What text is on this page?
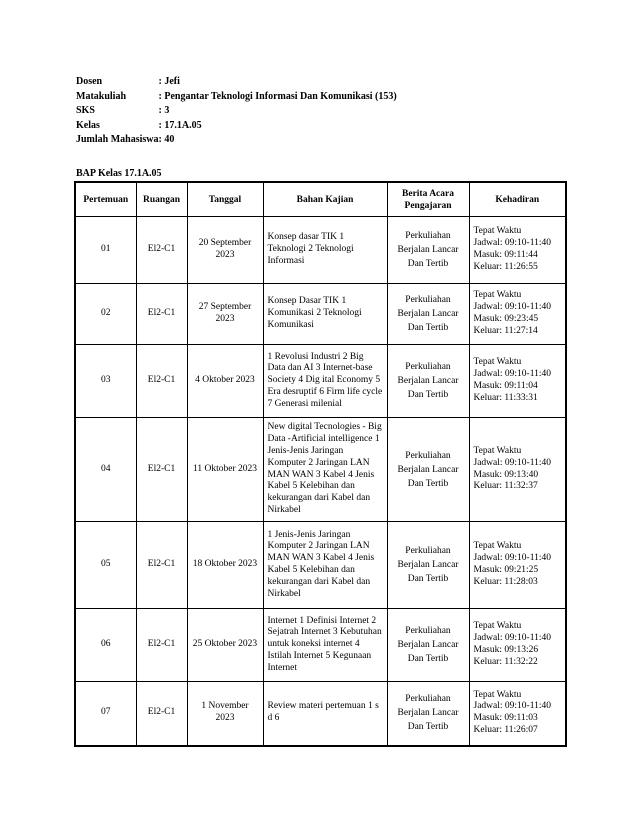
Dosen	: Jefi
Matakuliah	: Pengantar Teknologi Informasi Dan Komunikasi (153)
SKS	: 3
Kelas	: 17.1A.05
Jumlah Mahasiswa	: 40
BAP Kelas 17.1A.05
Pertemuan	Ruangan	Tanggal	Bahan Kajian	Berita Acara Pengajaran	Kehadiran
01	El2-C1	20 September 2023	Konsep dasar TIK 1 Teknologi 2 Teknologi Informasi	Perkuliahan Berjalan Lancar Dan Tertib	Tepat Waktu
Jadwal: 09:10-11:40
Masuk: 09:11:44
Keluar: 11:26:55

02	El2-C1	27 September 2023	Konsep Dasar TIK 1 Komunikasi 2 Teknologi Komunikasi	Perkuliahan Berjalan Lancar Dan Tertib	Tepat Waktu
Jadwal: 09:10-11:40
Masuk: 09:23:45
Keluar: 11:27:14

03	El2-C1	4 Oktober 2023	1 Revolusi Industri 2 Big Data dan AI 3 Internet-base Society 4 Dig ital Economy 5 Era desruptif 6 Firm life cycle 7 Generasi milenial	Perkuliahan Berjalan Lancar Dan Tertib	Tepat Waktu
Jadwal: 09:10-11:40
Masuk: 09:11:04
Keluar: 11:33:31

04	El2-C1	11 Oktober 2023	New digital Tecnologies - Big Data -Artificial intelligence 1 Jenis-Jenis Jaringan Komputer 2 Jaringan LAN MAN WAN 3 Kabel 4 Jenis Kabel 5 Kelebihan dan kekurangan dari Kabel dan Nirkabel	Perkuliahan Berjalan Lancar Dan Tertib	Tepat Waktu
Jadwal: 09:10-11:40
Masuk: 09:13:40
Keluar: 11:32:37

05	El2-C1	18 Oktober 2023	1 Jenis-Jenis Jaringan Komputer 2 Jaringan LAN MAN WAN 3 Kabel 4 Jenis Kabel 5 Kelebihan dan kekurangan dari Kabel dan Nirkabel	Perkuliahan Berjalan Lancar Dan Tertib	Tepat Waktu
Jadwal: 09:10-11:40
Masuk: 09:21:25
Keluar: 11:28:03

06	El2-C1	25 Oktober 2023	Internet 1 Definisi Internet 2 Sejatrah Internet 3 Kebutuhan untuk koneksi internet 4 Istilah Internet 5 Kegunaan Internet	Perkuliahan Berjalan Lancar Dan Tertib	Tepat Waktu
Jadwal: 09:10-11:40
Masuk: 09:13:26
Keluar: 11:32:22

07	El2-C1	1 November 2023	Review materi pertemuan 1 s d 6	Perkuliahan Berjalan Lancar Dan Tertib	Tepat Waktu
Jadwal: 09:10-11:40
Masuk: 09:11:03
Keluar: 11:26:07
